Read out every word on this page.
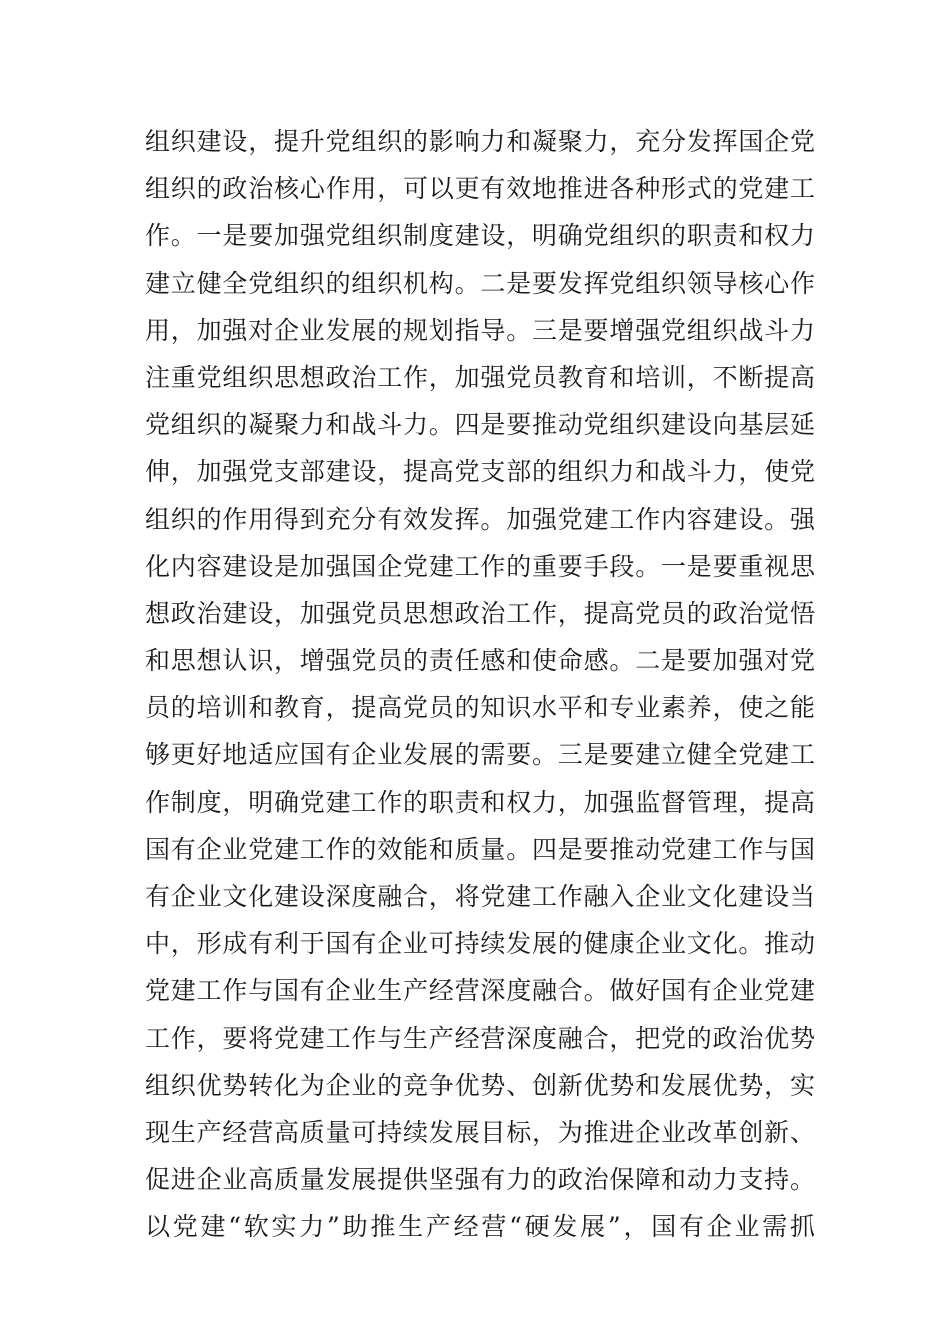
组织建设，提升党组织的影响力和凝聚力，充分发挥国企党
组织的政治核心作用，可以更有效地推进各种形式的党建工
作。一是要加强党组织制度建设，明确党组织的职责和权力
建立健全党组织的组织机构。二是要发挥党组织领导核心作
用，加强对企业发展的规划指导。三是要增强党组织战斗力
注重党组织思想政治工作，加强党员教育和培训，不断提高
党组织的凝聚力和战斗力。四是要推动党组织建设向基层延
伸，加强党支部建设，提高党支部的组织力和战斗力，使党
组织的作用得到充分有效发挥。加强党建工作内容建设。强
化内容建设是加强国企党建工作的重要手段。一是要重视思
想政治建设，加强党员思想政治工作，提高党员的政治觉悟
和思想认识，增强党员的责任感和使命感。二是要加强对党
员的培训和教育，提高党员的知识水平和专业素养，使之能
够更好地适应国有企业发展的需要。三是要建立健全党建工
作制度，明确党建工作的职责和权力，加强监督管理，提高
国有企业党建工作的效能和质量。四是要推动党建工作与国
有企业文化建设深度融合，将党建工作融入企业文化建设当
中，形成有利于国有企业可持续发展的健康企业文化。推动
党建工作与国有企业生产经营深度融合。做好国有企业党建
工作，要将党建工作与生产经营深度融合，把党的政治优势
组织优势转化为企业的竞争优势、创新优势和发展优势，实
现生产经营高质量可持续发展目标，为推进企业改革创新、
促进企业高质量发展提供坚强有力的政治保障和动力支持。
以党建“软实力”助推生产经营“硬发展”，国有企业需抓
